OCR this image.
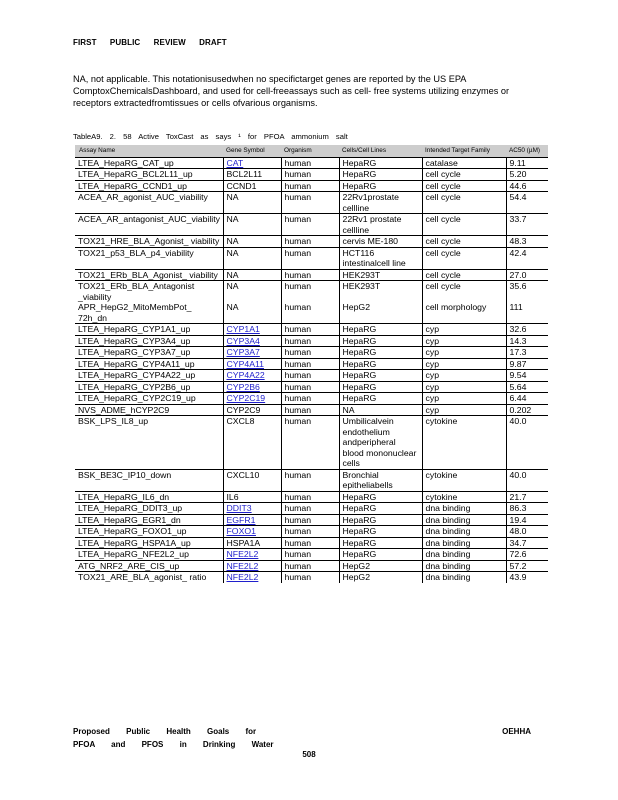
FIRST PUBLIC REVIEW DRAFT
NA, not applicable. This notationisusedwhen no specifictarget genes are reported by the US EPA ComptoxChemicalsDashboard, and used for cell-freeassays such as cell- free systems utilizing enzymes or receptors extractedfromtissues or cells ofvarious organisms.
TableA9. 2. 58 Active ToxCast as says ¹ for PFOA ammonium salt
Assay Name	Gene Symbol	Organism	Cells/Cell Lines	Intended Target Family	AC50 (µM)
LTEA_HepaRG_CAT_up	CAT	human	HepaRG	catalase	9.11
LTEA_HepaRG_BCL2L11_up	BCL2L11	human	HepaRG	cell cycle	5.20
LTEA_HepaRG_CCND1_up	CCND1	human	HepaRG	cell cycle	44.6
ACEA_AR_agonist_AUC_viability	NA	human	22Rv1prostate cellline	cell cycle	54.4
ACEA_AR_antagonist_AUC_viability	NA	human	22Rv1 prostate cellline	cell cycle	33.7
TOX21_HRE_BLA_Agonist_ viability	NA	human	cervis ME-180	cell cycle	48.3
TOX21_p53_BLA_p4_viability	NA	human	HCT116 intestinalcell line	cell cycle	42.4
TOX21_ERb_BLA_Agonist_ viability	NA	human	HEK293T	cell cycle	27.0
TOX21_ERb_BLA_Antagonist _viability	NA	human	HEK293T	cell cycle	35.6
APR_HepG2_MitoMembPot_ 72h_dn	NA	human	HepG2	cell morphology	111
LTEA_HepaRG_CYP1A1_up	CYP1A1	human	HepaRG	cyp	32.6
LTEA_HepaRG_CYP3A4_up	CYP3A4	human	HepaRG	cyp	14.3
LTEA_HepaRG_CYP3A7_up	CYP3A7	human	HepaRG	cyp	17.3
LTEA_HepaRG_CYP4A11_up	CYP4A11	human	HepaRG	cyp	9.87
LTEA_HepaRG_CYP4A22_up	CYP4A22	human	HepaRG	cyp	9.54
LTEA_HepaRG_CYP2B6_up	CYP2B6	human	HepaRG	cyp	5.64
LTEA_HepaRG_CYP2C19_up	CYP2C19	human	HepaRG	cyp	6.44
NVS_ADME_hCYP2C9	CYP2C9	human	NA	cyp	0.202
BSK_LPS_IL8_up	CXCL8	human	Umbilicalvein endothelium andperipheral blood mononuclear cells	cytokine	40.0
BSK_BE3C_IP10_down	CXCL10	human	Bronchial epitheliabells	cytokine	40.0
LTEA_HepaRG_IL6_dn	IL6	human	HepaRG	cytokine	21.7
LTEA_HepaRG_DDIT3_up	DDIT3	human	HepaRG	dna binding	86.3
LTEA_HepaRG_EGR1_dn	EGFR1	human	HepaRG	dna binding	19.4
LTEA_HepaRG_FOXO1_up	FOXO1	human	HepaRG	dna binding	48.0
LTEA_HepaRG_HSPA1A_up	HSPA1A	human	HepaRG	dna binding	34.7
LTEA_HepaRG_NFE2L2_up	NFE2L2	human	HepaRG	dna binding	72.6
ATG_NRF2_ARE_CIS_up	NFE2L2	human	HepG2	dna binding	57.2
TOX21_ARE_BLA_agonist_ ratio	NFE2L2	human	HepG2	dna binding	43.9
Proposed Public Health Goals for
PFOA and PFOS in Drinking Water
OEHHA
508
